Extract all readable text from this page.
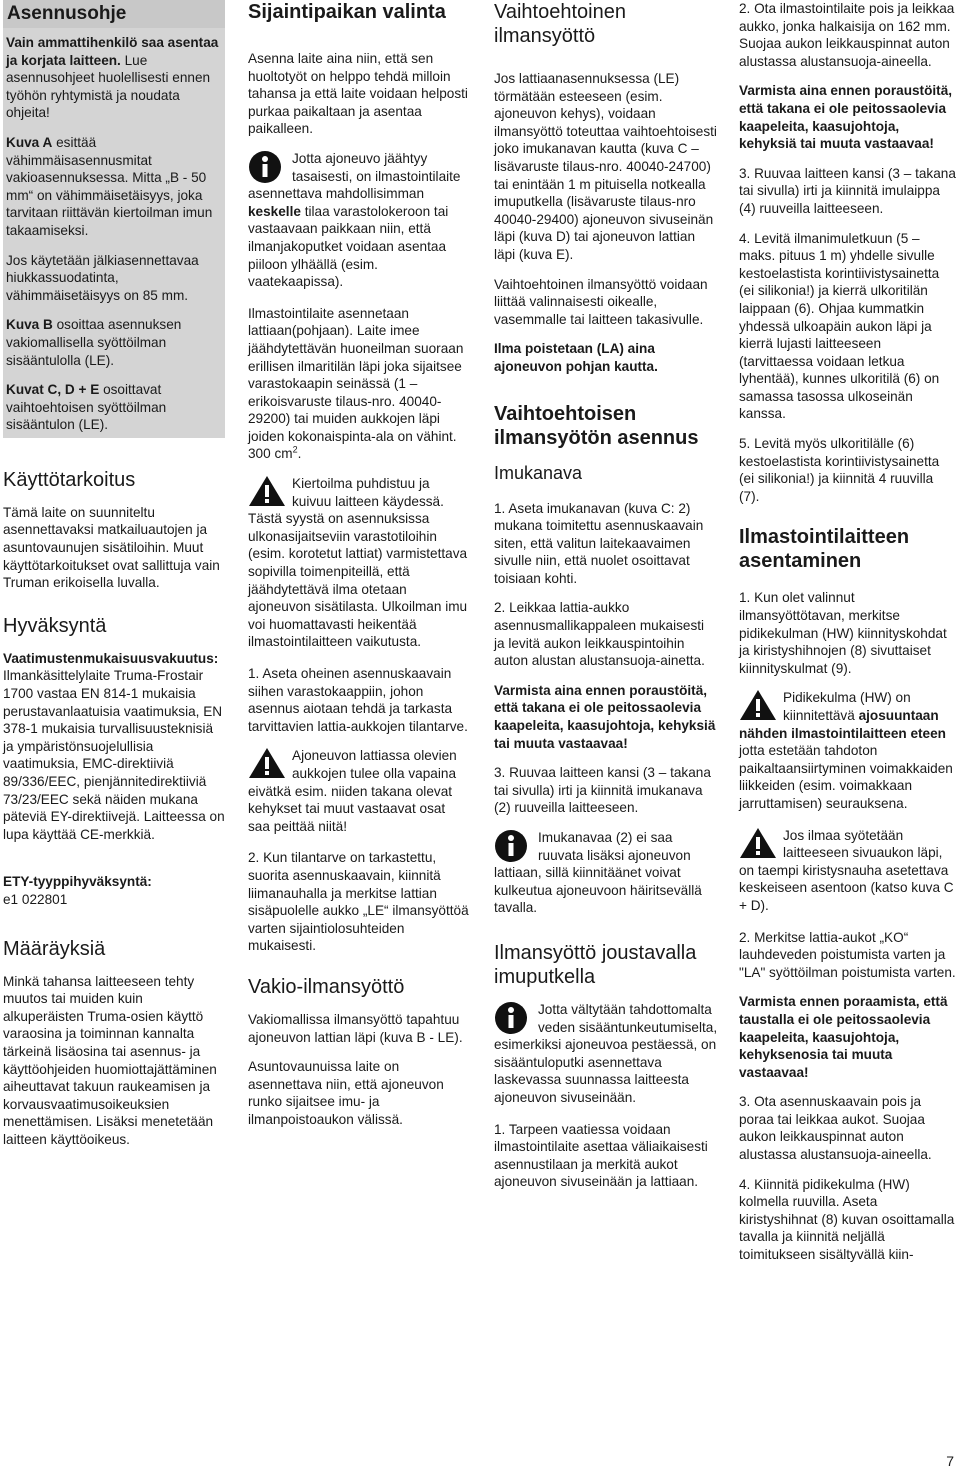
Asennusohje

Vain ammattihenkilö saa asentaa ja korjata laitteen. Lue asennusohjeet huolellisesti ennen työhön ryhtymistä ja noudata ohjeita!

Kuva A esittää vähimmäisasennusmitat vakioasennuksessa. Mitta „B - 50 mm“ on vähimmäisetäisyys, joka tarvitaan riittävän kiertoilman imun takaamiseksi.

Jos käytetään jälkiasennettavaa hiukkassuodatinta, vähimmäisetäisyys on 85 mm.

Kuva B osoittaa asennuksen vakiomallisella syöttöilman sisääntulolla (LE).

Kuvat C, D + E osoittavat vaihtoehtoisen syöttöilman sisääntulon (LE).

Käyttötarkoitus

Tämä laite on suunniteltu asennettavaksi matkailuautojen ja asuntovaunujen sisätiloihin. Muut käyttötarkoitukset ovat sallittuja vain Truman erikoisella luvalla.

Hyväksyntä

Vaatimustenmukaisuusvakuutus:
Ilmankäsittelylaite Truma-Frostair 1700 vastaa EN 814-1 mukaisia perustavanlaatuisia vaatimuksia, EN 378-1 mukaisia turvallisuusteknisiä ja ympäristönsuojelullisia vaatimuksia, EMC-direktiiviä 89/336/EEC, pienjännitedirektiiviä 73/23/EEC sekä näiden mukana päteviä EY-direktiivejä. Laitteessa on lupa käyttää CE-merkkiä.

ETY-tyyppihyväksyntä:
e1 022801

Määräyksiä

Minkä tahansa laitteeseen tehty muutos tai muiden kuin alkuperäisten Truma-osien käyttö varaosina ja toiminnan kannalta tärkeinä lisäosina tai asennus- ja käyttöohjeiden huomiottajättäminen aiheuttavat takuun raukeamisen ja korvausvaatimusoikeuksien menettämisen. Lisäksi menetetään laitteen käyttöoikeus.

Sijaintipaikan valinta

Asenna laite aina niin, että sen huoltotyöt on helppo tehdä milloin tahansa ja että laite voidaan helposti purkaa paikaltaan ja asentaa paikalleen.

Jotta ajoneuvo jäähtyy tasaisesti, on ilmastointilaite asennettava mahdollisimman keskelle tilaa varastolokeroon tai vastaavaan paikkaan niin, että ilmanjakoputket voidaan asentaa piiloon ylhäällä (esim. vaatekaapissa).

Ilmastointilaite asennetaan lattiaan(pohjaan). Laite imee jäähdytettävän huoneilman suoraan erillisen ilmaritilän läpi joka sijaitsee varastokaapin seinässä (1 – erikoisvaruste tilaus-nro. 40040-29200) tai muiden aukkojen läpi joiden kokonaispinta-ala on vähint. 300 $cm^2$.

Kiertoilma puhdistuu ja kuivuu laitteen käydessä. Tästä syystä on asennuksissa ulkonasijaitseviin varastotiloihin (esim. korotetut lattiat) varmistettava sopivilla toimenpiteillä, että jäähdytettävä ilma otetaan ajoneuvon sisätilasta. Ulkoilman imu voi huomattavasti heikentää ilmastointilaitteen vaikutusta.

1. Aseta oheinen asennuskaavain siihen varastokaappiin, johon asennus aiotaan tehdä ja tarkasta tarvittavien lattia-aukkojen tilantarve.

Ajoneuvon lattiassa olevien aukkojen tulee olla vapaina eivätkä esim. niiden takana olevat kehykset tai muut vastaavat osat saa peittää niitä!

2. Kun tilantarve on tarkastettu, suorita asennuskaavain, kiinnitä liimanauhalla ja merkitse lattian sisäpuolelle aukko „LE“ ilmansyöttöä varten sijaintiolosuhteiden mukaisesti.

Vakio-ilmansyöttö

Vakiomallissa ilmansyöttö tapahtuu ajoneuvon lattian läpi (kuva B - LE).

Asuntovaunuissa laite on asennettava niin, että ajoneuvon runko sijaitsee imu- ja ilmanpoistoaukon välissä.

Vaihtoehtoinen ilmansyöttö

Jos lattiaanasennuksessa (LE) törmätään esteeseen (esim. ajoneuvon kehys), voidaan ilmansyöttö toteuttaa vaihtoehtoisesti joko imukanavan kautta (kuva C – lisävaruste tilaus-nro. 40040-24700) tai enintään 1 m pituisella notkealla imuputkella (lisävaruste tilaus-nro 40040-29400) ajoneuvon sivuseinän läpi (kuva D) tai ajoneuvon lattian läpi (kuva E).

Vaihtoehtoinen ilmansyöttö voidaan liittää valinnaisesti oikealle, vasemmalle tai laitteen takasivulle.

Ilma poistetaan (LA) aina ajoneuvon pohjan kautta.

Vaihtoehtoisen ilmansyötön asennus
Imukanava

1. Aseta imukanavan (kuva C: 2) mukana toimitettu asennuskaavain siten, että valitun laitekaavaimen sivulle niin, että nuolet osoittavat toisiaan kohti.

2. Leikkaa lattia-aukko asennusmallikappaleen mukaisesti ja levitä aukon leikkauspintoihin auton alustan alustansuoja-ainetta.

Varmista aina ennen poraustöitä, että takana ei ole peitossaolevia kaapeleita, kaasujohtoja, kehyksiä tai muuta vastaavaa!

3. Ruuvaa laitteen kansi (3 – takana tai sivulla) irti ja kiinnitä imukanava (2) ruuveilla laitteeseen.

Imukanavaa (2) ei saa ruuvata lisäksi ajoneuvon lattiaan, sillä kiinnitäänet voivat kulkeutua ajoneuvoon häiritsevällä tavalla.
Ilmansyöttö joustavalla imuputkella
Jotta vältytään tahdottomalta veden sisääntunkeutumiselta, esimerkiksi ajoneuvoa pestäessä, on sisääntuloputki asennettava laskevassa suunnassa laitteesta ajoneuvon sivuseinään.

1. Tarpeen vaatiessa voidaan ilmastointilaite asettaa väliaikaisesti asennustilaan ja merkitä aukot ajoneuvon sivuseinään ja lattiaan.

2. Ota ilmastointilaite pois ja leikkaa aukko, jonka halkaisija on 162 mm. Suojaa aukon leikkauspinnat auton alustassa alustansuoja-aineella.

Varmista aina ennen poraustöitä, että takana ei ole peitossaolevia kaapeleita, kaasujohtoja, kehyksiä tai muuta vastaavaa!

3. Ruuvaa laitteen kansi (3 – takana tai sivulla) irti ja kiinnitä imulaippa (4) ruuveilla laitteeseen.

4. Levitä ilmanimuletkuun (5 – maks. pituus 1 m) yhdelle sivulle kestoelastista korintiivistysainetta (ei silikonia!) ja kierrä ulkoritilän laippaan (6). Ohjaa kummatkin yhdessä ulkoapäin aukon läpi ja kierrä lujasti laitteeseen (tarvittaessa voidaan letkua lyhentää), kunnes ulkoritilä (6) on samassa tasossa ulkoseinän kanssa.

5. Levitä myös ulkoritilälle (6) kestoelastista korintiivistysainetta (ei silikonia!) ja kiinnitä 4 ruuvilla (7).

Ilmastointilaitteen asentaminen

1. Kun olet valinnut ilmansyöttötavan, merkitse pidikekulman (HW) kiinnityskohdat ja kiristyshihnojen (8) sivuttaiset kiinnityskulmat (9).

Pidikekulma (HW) on kiinnitettävä ajosuuntaan nähden ilmastointilaitteen eteen jotta estetään tahdoton paikaltaansiirtyminen voimakkaiden liikkeiden (esim. voimakkaan jarruttamisen) seurauksena.
Jos ilmaa syötetään laitteeseen sivuaukon läpi, on taempi kiristysnauha asetettava keskeiseen asentoon (katso kuva C + D).

2. Merkitse lattia-aukot „KO“ lauhdeveden poistumista varten ja "LA" syöttöilman poistumista varten.

Varmista ennen poraamista, että taustalla ei ole peitossaolevia kaapeleita, kaasujohtoja, kehyksenosia tai muuta vastaavaa!

3. Ota asennuskaavain pois ja poraa tai leikkaa aukot. Suojaa aukon leikkauspinnat auton alustassa alustansuoja-aineella.

4. Kiinnitä pidikekulma (HW) kolmella ruuvilla. Aseta kiristyshihnat (8) kuvan osoittamalla tavalla ja kiinnitä neljällä toimitukseen sisältyvällä kiin-

7
